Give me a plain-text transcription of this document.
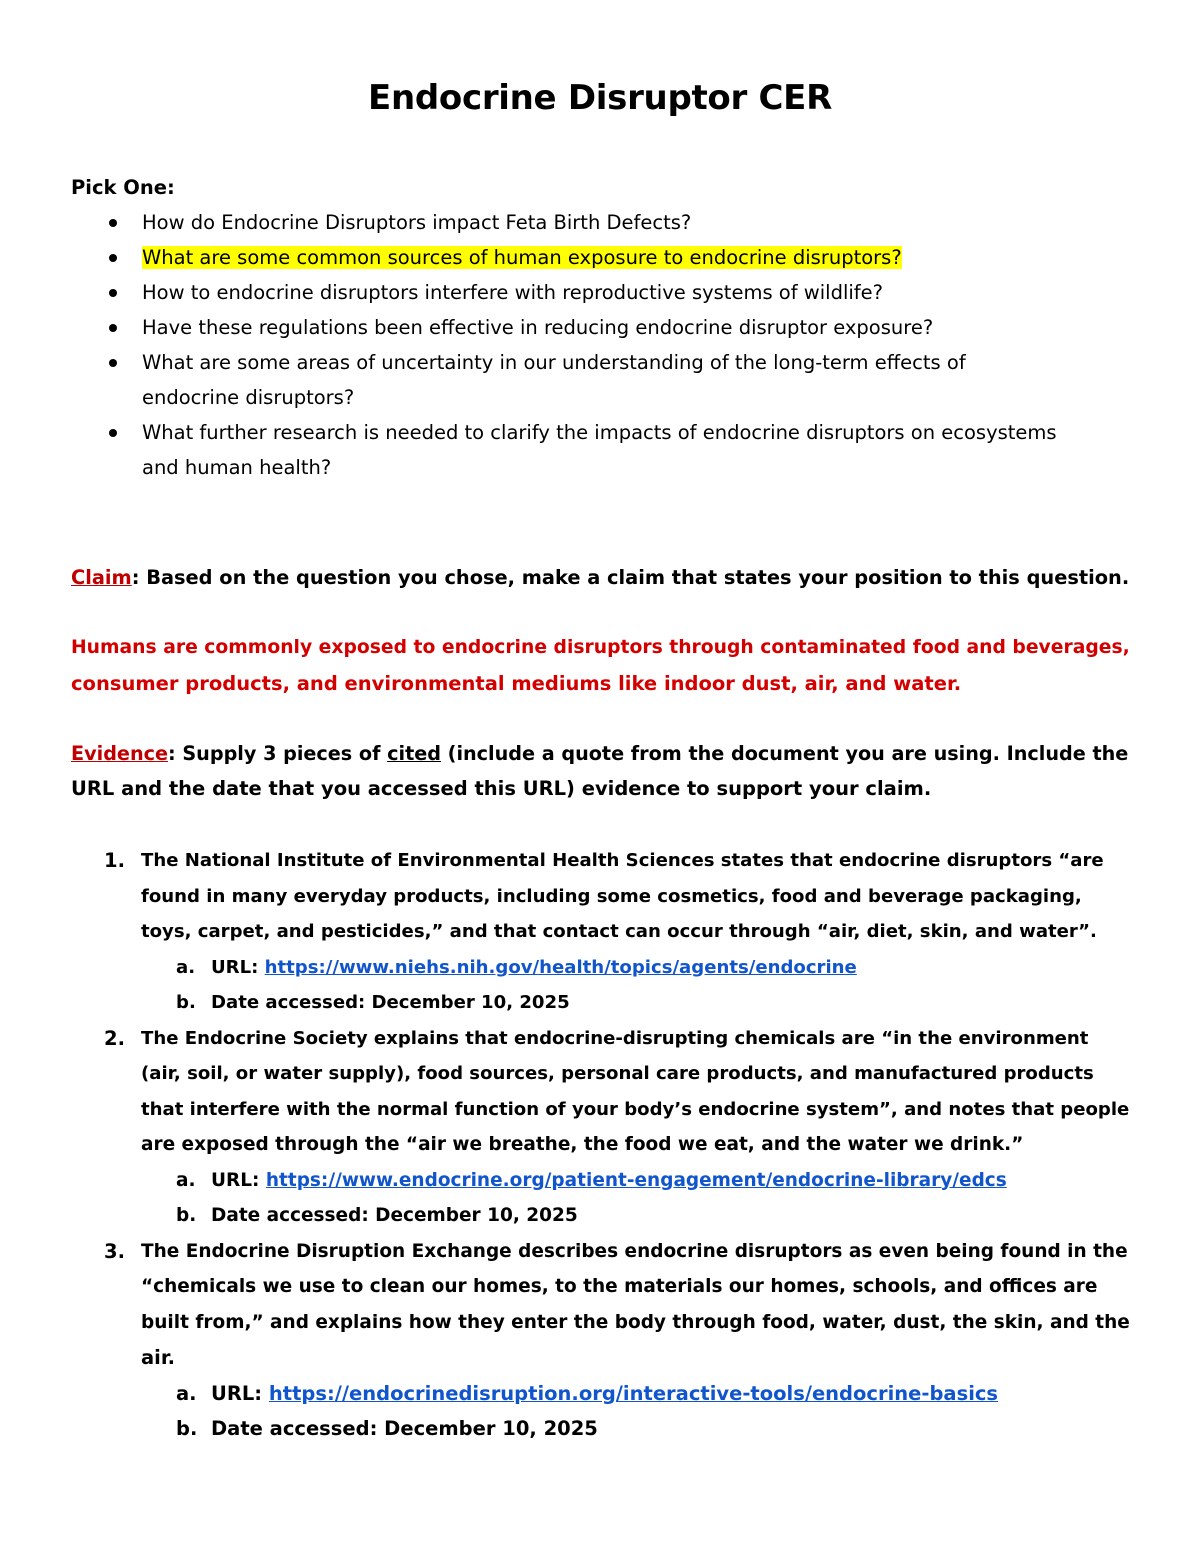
Endocrine Disruptor CER
Pick One:
How do Endocrine Disruptors impact Feta Birth Defects?
What are some common sources of human exposure to endocrine disruptors?
How to endocrine disruptors interfere with reproductive systems of wildlife?
Have these regulations been effective in reducing endocrine disruptor exposure?
What are some areas of uncertainty in our understanding of the long-term effects of
endocrine disruptors?
What further research is needed to clarify the impacts of endocrine disruptors on ecosystems
and human health?
Claim: Based on the question you chose, make a claim that states your position to this question.
Humans are commonly exposed to endocrine disruptors through contaminated food and beverages,
consumer products, and environmental mediums like indoor dust, air, and water.
Evidence: Supply 3 pieces of cited (include a quote from the document you are using. Include the
URL and the date that you accessed this URL) evidence to support your claim.
1. The National Institute of Environmental Health Sciences states that endocrine disruptors “are
found in many everyday products, including some cosmetics, food and beverage packaging,
toys, carpet, and pesticides,” and that contact can occur through “air, diet, skin, and water”.
a. URL: https://www.niehs.nih.gov/health/topics/agents/endocrine
b. Date accessed: December 10, 2025
2. The Endocrine Society explains that endocrine-disrupting chemicals are “in the environment
(air, soil, or water supply), food sources, personal care products, and manufactured products
that interfere with the normal function of your body’s endocrine system”, and notes that people
are exposed through the “air we breathe, the food we eat, and the water we drink.”
a. URL: https://www.endocrine.org/patient-engagement/endocrine-library/edcs
b. Date accessed: December 10, 2025
3. The Endocrine Disruption Exchange describes endocrine disruptors as even being found in the
“chemicals we use to clean our homes, to the materials our homes, schools, and offices are
built from,” and explains how they enter the body through food, water, dust, the skin, and the
air.
a. URL: https://endocrinedisruption.org/interactive-tools/endocrine-basics
b. Date accessed: December 10, 2025
